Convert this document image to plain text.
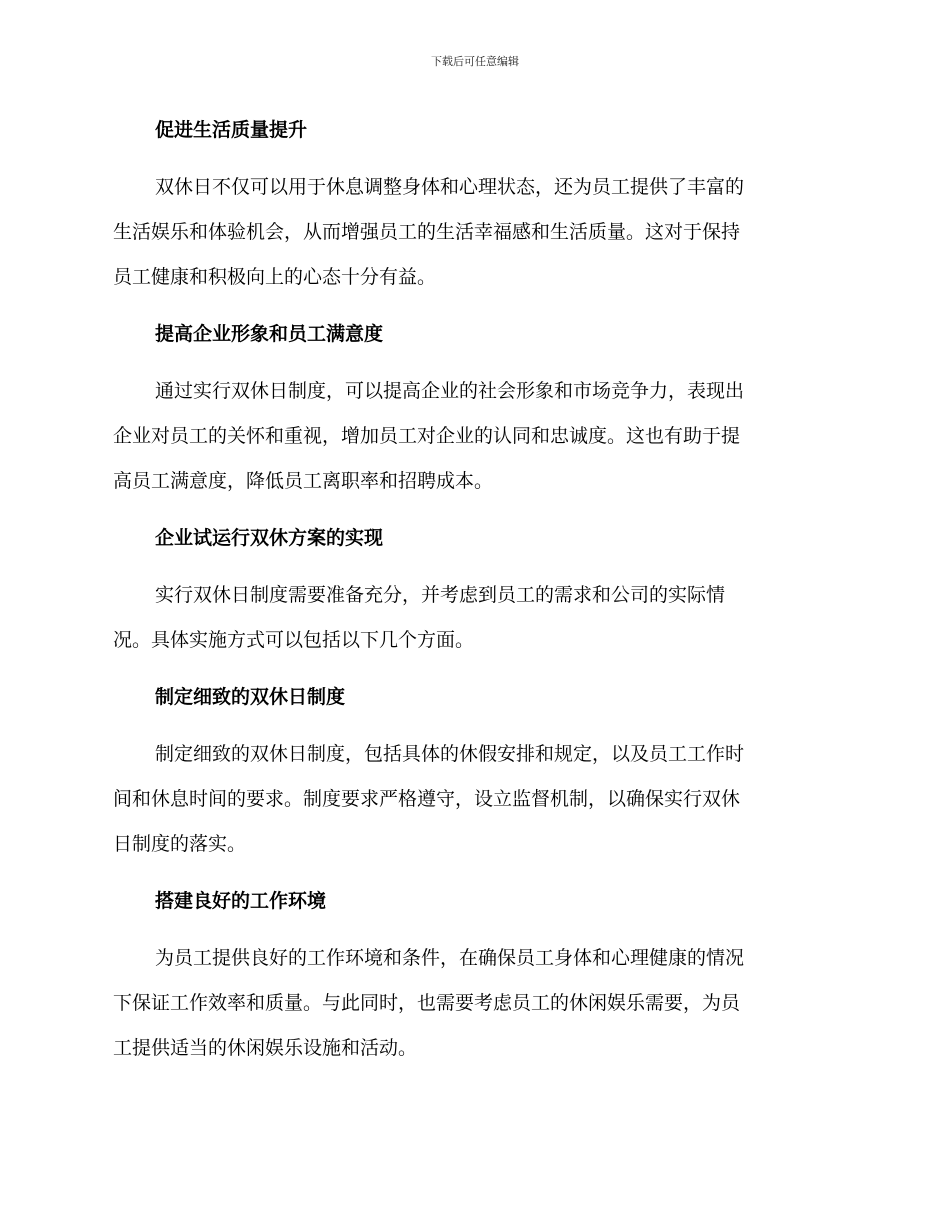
下载后可任意编辑
促进生活质量提升
双休日不仅可以用于休息调整身体和心理状态，还为员工提供了丰富的
生活娱乐和体验机会，从而增强员工的生活幸福感和生活质量。这对于保持
员工健康和积极向上的心态十分有益。
提高企业形象和员工满意度
通过实行双休日制度，可以提高企业的社会形象和市场竞争力，表现出
企业对员工的关怀和重视，增加员工对企业的认同和忠诚度。这也有助于提
高员工满意度，降低员工离职率和招聘成本。
企业试运行双休方案的实现
实行双休日制度需要准备充分，并考虑到员工的需求和公司的实际情
况。具体实施方式可以包括以下几个方面。
制定细致的双休日制度
制定细致的双休日制度，包括具体的休假安排和规定，以及员工工作时
间和休息时间的要求。制度要求严格遵守，设立监督机制，以确保实行双休
日制度的落实。
搭建良好的工作环境
为员工提供良好的工作环境和条件，在确保员工身体和心理健康的情况
下保证工作效率和质量。与此同时，也需要考虑员工的休闲娱乐需要，为员
工提供适当的休闲娱乐设施和活动。
